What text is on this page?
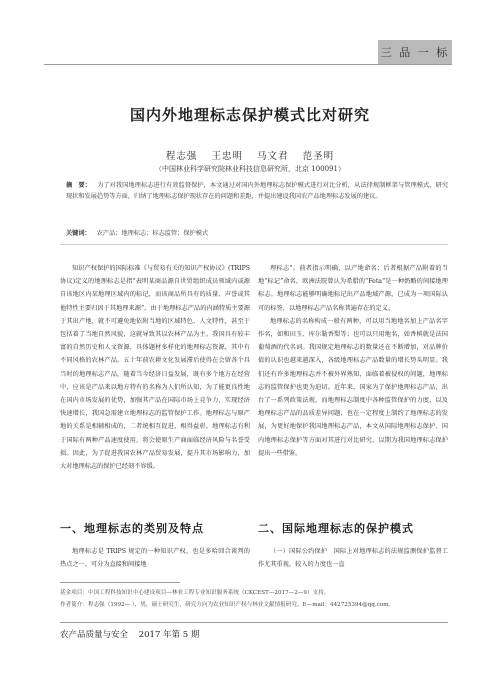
三 品 一 标
国内外地理标志保护模式比对研究
程志强 王忠明 马文君 范圣明
（中国林业科学研究院林业科技信息研究所，北京 100091）
摘　要： 为了对我国地理标志进行有效监督保护，本文通过对国内外地理标志保护模式进行对比分析，从法律规制框架与管理模式、研究现状和发展趋势等方面，归纳了地理标志保护现状存在的问题和差距，并提出建设我国农产品地理标志发展的建议。
关键词： 农产品；地理标志；标志监管；保护模式

知识产权保护的国际标准《与贸易有关的知识产权协议》(TRIPS协议)定义的地理标志是指“表明某商品源自世贸组织成员领域内或源自该地区内某地理区域内的标记，而该商品所具有的质量、声誉或其他特性主要归因于其地理来源”。由于地理标志产品的内涵特质主要源于其出产地，就不可避免地依附当地的区域特色，人文特性，甚至于包括着了当地自然风貌，这就导致其以农林产品为主。我国具有较丰富的自然历史和人文资源，具体题材多样化的地理标志资源，其中有不同风格的农林产品。五十年前农耕文化发展滞后使得在会留各个具当时的地理标志产品，随着当今经济日益发展，既有多个地方在经营中，应该是产品来以地方特有的名称为人们所认知，为了能更良性地在国内市场发展的优势，加强其产品在国际市场上竞争力，实现经济快速增长，我国急需建立地理标志的监管保护工作。地理标志与原产地的关系是相辅相成的，二者统相互促进，相得益彰。地理标志有利于国际有两种产品速度使用，将会使原生产商面临经济风险与名誉受损。因此，为了促进我国农林产品贸易发展，提升其市场影响力，加大对地理标志的保护已经刻不容缓。

理标志”。前者指示明确，以产地命名；后者根据产品附着的当地“标记”命名，欧洲法院曾认为希腊的“Feta”是一种奶酪的间接地理标志。地理标志能够明确地标记出产品地域产源，已成为一项国际认可的标签，以地理标志产品名称普遍存在的定义。

地理标志的名称构成一般有两种，可以用当地地名加上产品名字作名，如和田玉、库尔勒香梨等；也可以只用地名，如香槟就是法国葡萄酒的代名词。我国规定地理标志的数量还在不断增加，对品牌价值的认识也越来越深入，各级地理标志产品数量的增长势头明显。我们还有许多地理标志并不被外界熟知，面临着被侵权的问题，地理标志的监管保护也更为迫切。近年来，国家为了保护地理标志产品，出台了一系列政策法规，而地理标志制度中各种监管保护的力度，以及地理标志产品的品质差异问题，也在一定程度上制约了地理标志的发展，为更好地保护我国地理标志产品，本文从国际地理标志保护、国内地理标志保护等方面对其进行对比研究，以期为我国地理标志保护提出一些借鉴。

一、地理标志的类别及特点	二、国际地理标志的保护模式

地理标志是 TRIPS 规定的一种知识产权，也是多哈回合谈判的热点之一。可分为直接和间接地

（一）国际公约保护　国际上对地理标志的法规监测保护监督工作尤其重视，较入的力度也一直

基金项目：中国工程科技知识中心建设项目—林业工程专业知识服务系统（CKCEST—2017—2—9）支持。
作者简介：程志强（1992— ），男，硕士研究生，研究方向为农业知识产权与林业文献情报研究。E—mail：442725394@qq.com。
农产品质量与安全 2017 年第 5 期
